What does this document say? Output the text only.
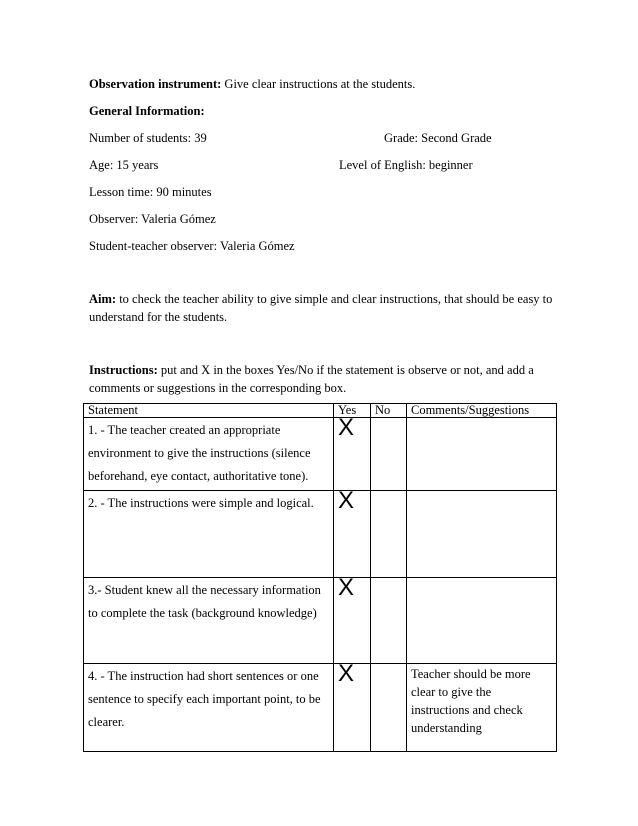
Observation instrument: Give clear instructions at the students.
General Information:
Number of students: 39	Grade: Second Grade
Age: 15 years	Level of English: beginner
Lesson time: 90 minutes
Observer: Valeria Gómez
Student-teacher observer: Valeria Gómez
Aim: to check the teacher ability to give simple and clear instructions, that should be easy to understand for the students.
Instructions: put and X in the boxes Yes/No if the statement is observe or not, and add a comments or suggestions in the corresponding box.
Statement	Yes	No	Comments/Suggestions
1. - The teacher created an appropriate environment to give the instructions (silence beforehand, eye contact, authoritative tone).	X		
2. - The instructions were simple and logical.	X		
3.- Student knew all the necessary information to complete the task (background knowledge)	X		
4. - The instruction had short sentences or one sentence to specify each important point, to be clearer.	X		Teacher should be more clear to give the instructions and check understanding
